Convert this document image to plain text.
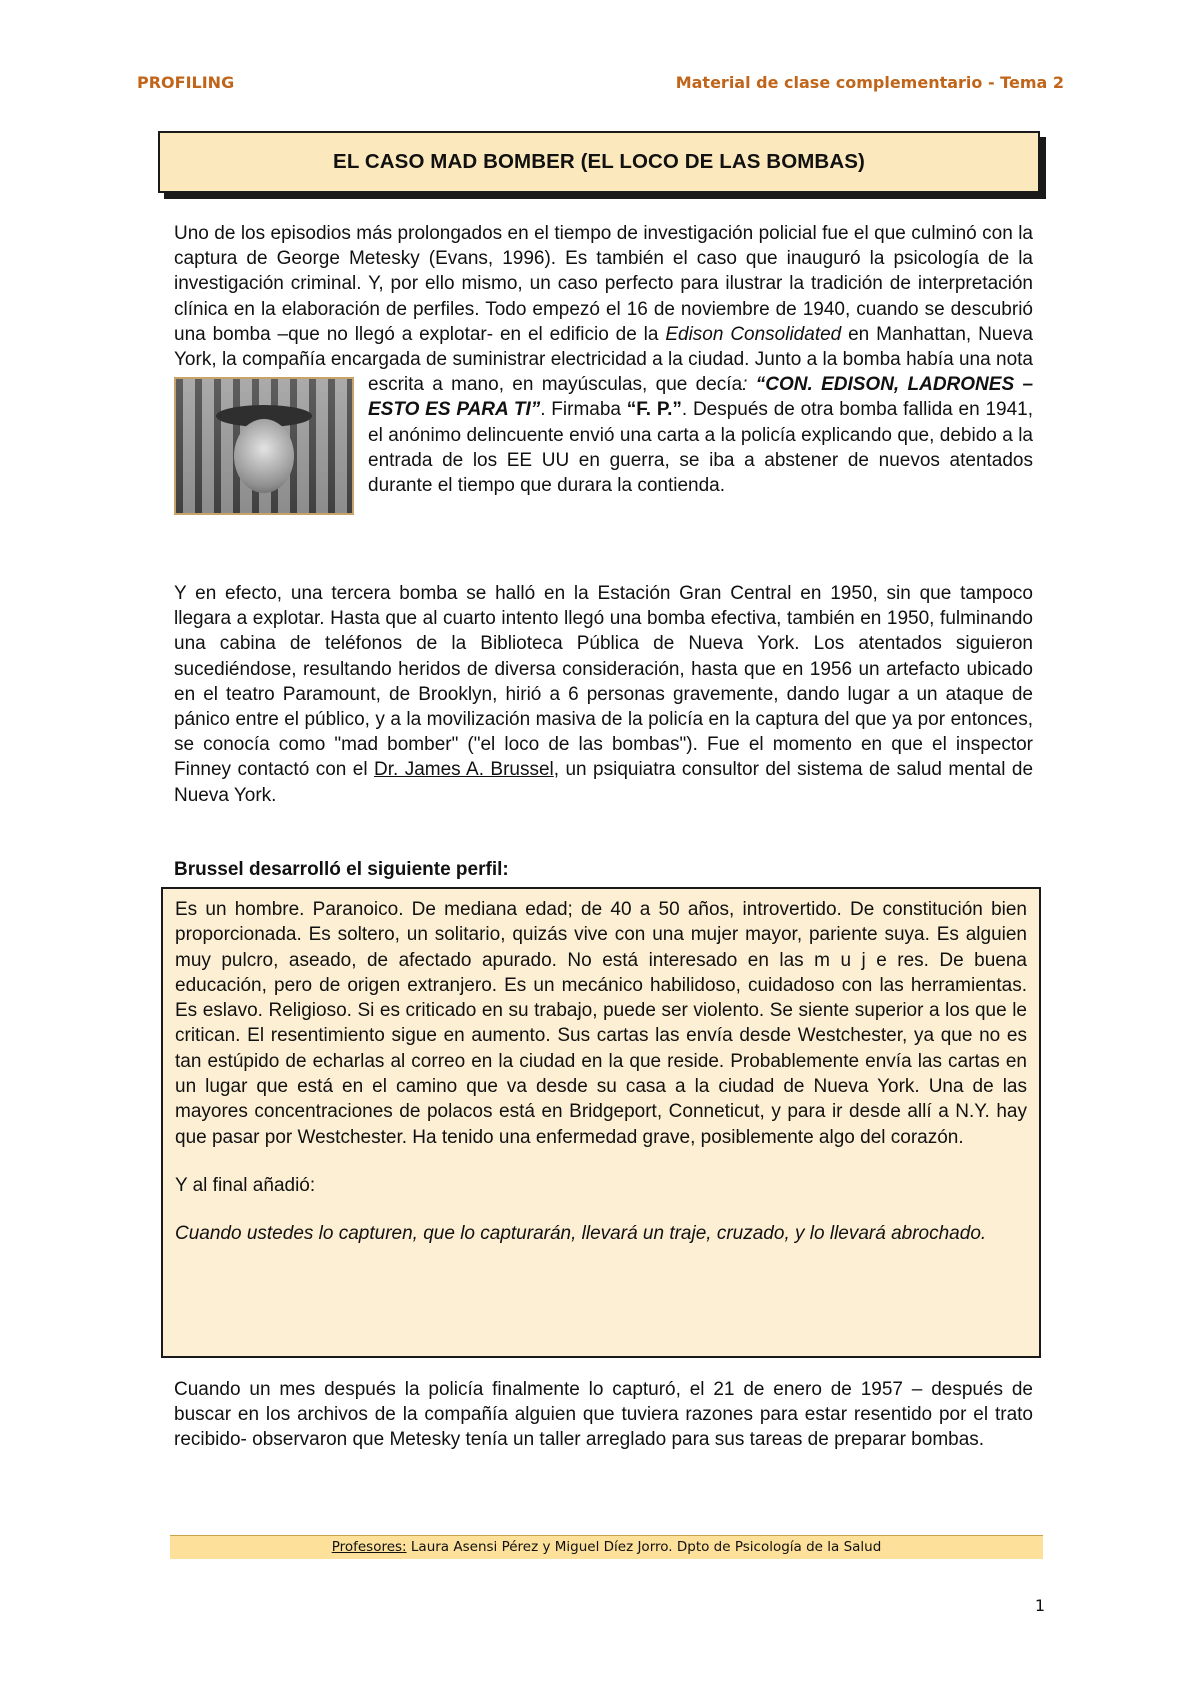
PROFILING	Material de clase complementario - Tema 2
EL CASO MAD BOMBER (EL LOCO DE LAS BOMBAS)

Uno de los episodios más prolongados en el tiempo de investigación policial fue el que culminó con la captura de George Metesky (Evans, 1996). Es también el caso que inauguró la psicología de la investigación criminal. Y, por ello mismo, un caso perfecto para ilustrar la tradición de interpretación clínica en la elaboración de perfiles. Todo empezó el 16 de noviembre de 1940, cuando se descubrió una bomba –que no llegó a explotar- en el edificio de la Edison Consolidated en Manhattan, Nueva York, la compañía encargada de suministrar electricidad a la ciudad. Junto a la bomba había una nota escrita a mano, en mayúsculas, que decía
: “CON. EDISON, LADRONES –ESTO ES PARA TI”. Firmaba “F. P.”. Después de otra bomba fallida en 1941, el anónimo delincuente envió una carta a la policía explicando que, debido a la entrada de los EE UU en guerra, se iba a abstener de nuevos atentados durante el tiempo que durara la contienda.

Y en efecto, una tercera bomba se halló en la Estación Gran Central en 1950, sin que tampoco llegara a explotar. Hasta que al cuarto intento llegó una bomba efectiva, también en 1950, fulminando una cabina de teléfonos de la Biblioteca Pública de Nueva York. Los atentados siguieron sucediéndose, resultando heridos de diversa consideración, hasta que en 1956 un artefacto ubicado en el teatro Paramount, de Brooklyn, hirió a 6 personas gravemente, dando lugar a un ataque de pánico entre el público, y a la movilización masiva de la policía en la captura del que ya por entonces, se conocía como "mad bomber" ("el loco de las bombas"). Fue el momento en que el inspector Finney contactó con el Dr. James A. Brussel, un psiquiatra consultor del sistema de salud mental de Nueva York.

Brussel desarrolló el siguiente perfil:

Es un hombre. Paranoico. De mediana edad; de 40 a 50 años, introvertido. De constitución bien proporcionada. Es soltero, un solitario, quizás vive con una mujer mayor, pariente suya. Es alguien muy pulcro, aseado, de afectado apurado. No está interesado en las m u j e res. De buena educación, pero de origen extranjero. Es un mecánico habilidoso, cuidadoso con las herramientas. Es eslavo. Religioso. Si es criticado en su trabajo, puede ser violento. Se siente superior a los que le critican. El resentimiento sigue en aumento. Sus cartas las envía desde Westchester, ya que no es tan estúpido de echarlas al correo en la ciudad en la que reside. Probablemente envía las cartas en un lugar que está en el camino que va desde su casa a la ciudad de Nueva York. Una de las mayores concentraciones de polacos está en Bridgeport, Conneticut, y para ir desde allí a N.Y. hay que pasar por Westchester. Ha tenido una enfermedad grave, posiblemente algo del corazón.

Y al final añadió:

Cuando ustedes lo capturen, que lo capturarán, llevará un traje, cruzado, y lo llevará abrochado.

Cuando un mes después la policía finalmente lo capturó, el 21 de enero de 1957 – después de buscar en los archivos de la compañía alguien que tuviera razones para estar resentido por el trato recibido- observaron que Metesky tenía un taller arreglado para sus tareas de preparar bombas.

Profesores: Laura Asensi Pérez y Miguel Díez Jorro. Dpto de Psicología de la Salud
1
